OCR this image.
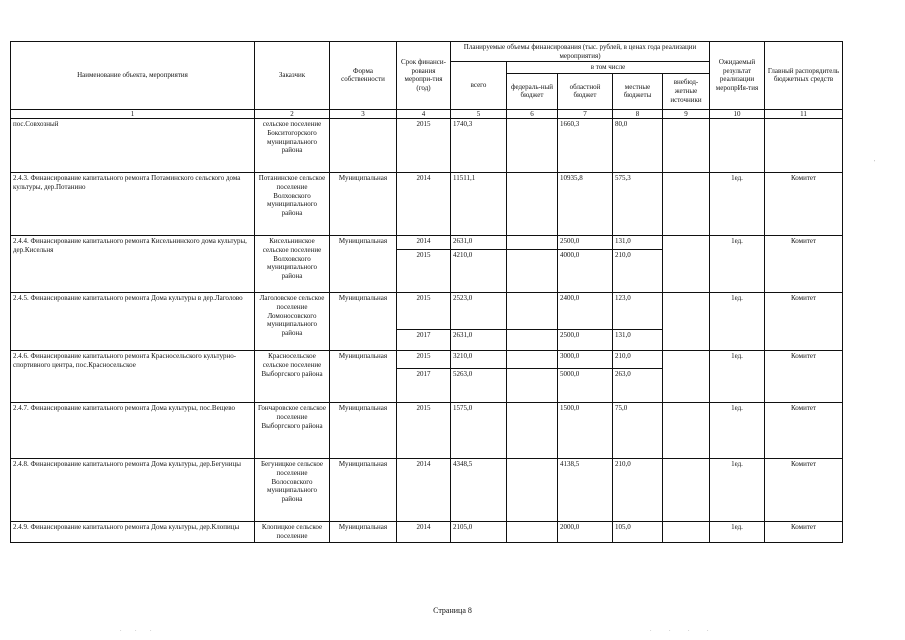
Наименование объекта, мероприятия	Заказчик	Форма собственности	Срок финанси-рования меропри-тия (год)	Планируемые объемы финансирования (тыс. рублей, в ценах года реализации мероприятия)					Ожидаемый результат реализации меропрИя-тия	Главный распорядитель бюджетных средств
				всего	в том числе					
					федераль-ный бюджет	областной бюджет	местные бюджеты	внебюд-жетные источники		
1	2	3	4	5	6	7	8	9	10	11
пос.Совхозный	сельское поселение Бокситогорского муниципального района		2015	1740,3		1660,3	80,0			
2.4.3. Финансирование капитального ремонта Потаминского сельского дома культуры, дер.Потанино	Потанинское сельское поселение Волховского муниципального района	Муниципальная	2014	11511,1		10935,8	575,3		1ед.	Комитет
2.4.4. Финансирование капитального ремонта Кисельнинского дома культуры, дер.Кисельня	Кисельнинское сельское поселение Волховского муниципального района	Муниципальная	2014	2631,0		2500,0	131,0		1ед.	Комитет
			2015	4210,0		4000,0	210,0			
2.4.5. Финансирование капитального ремонта Дома культуры в дер.Лаголово	Лаголовское сельское поселение Ломоносовского муниципального района	Муниципальная	2015	2523,0		2400,0	123,0		1ед.	Комитет
			2017	2631,0		2500,0	131,0			
2.4.6. Финансирование капитального ремонта Красносельского культурно-спортивного центра, пос.Красносельское	Красносельское сельское поселение Выборгского района	Муниципальная	2015	3210,0		3000,0	210,0		1ед.	Комитет
			2017	5263,0		5000,0	263,0			
2.4.7. Финансирование капитального ремонта Дома культуры, пос.Вещево	Гончаровское сельское поселение Выборгского района	Муниципальная	2015	1575,0		1500,0	75,0		1ед.	Комитет
2.4.8. Финансирование капитального ремонта Дома культуры, дер.Бегуницы	Бегуницкое сельское поселение Волосовского муниципального района	Муниципальная	2014	4348,5		4138,5	210,0		1ед.	Комитет
2.4.9. Финансирование капитального ремонта Дома культуры, дер.Клопицы	Клопицкое сельское поселение	Муниципальная	2014	2105,0		2000,0	105,0		1ед.	Комитет
Страница 8
'
. . .	. . . .
